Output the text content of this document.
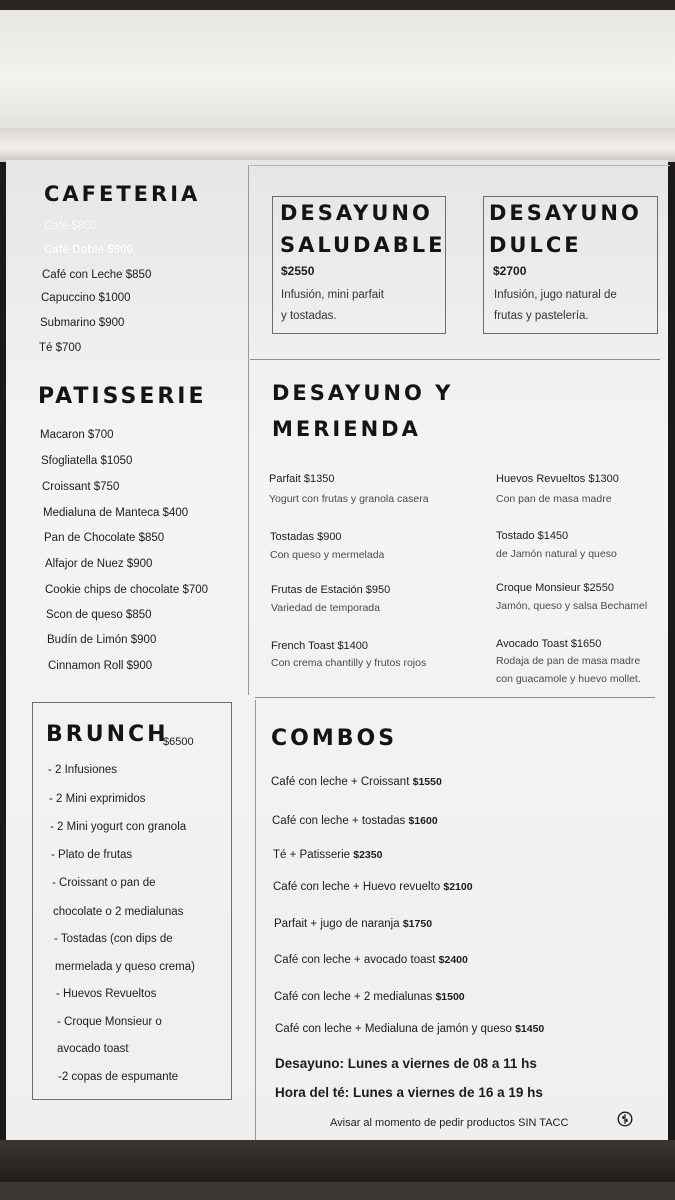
CAFETERIA
Café $800
Café Doble $900
Café con Leche $850
Capuccino $1000
Submarino $900
Té $700
PATISSERIE
Macaron $700
Sfogliatella $1050
Croissant $750
Medialuna de Manteca $400
Pan de Chocolate $850
Alfajor de Nuez $900
Cookie chips de chocolate $700
Scon de queso $850
Budín de Limón $900
Cinnamon Roll $900
BRUNCH
$6500
- 2 Infusiones
- 2 Mini exprimidos
- 2 Mini yogurt con granola
- Plato de frutas
- Croissant o pan de
chocolate o 2 medialunas
- Tostadas (con dips de
mermelada y queso crema)
- Huevos Revueltos
- Croque Monsieur o
avocado toast
-2 copas de espumante
DESAYUNO
SALUDABLE
$2550
Infusión, mini parfait
y tostadas.
DESAYUNO
DULCE
$2700
Infusión, jugo natural de
frutas y pastelería.
DESAYUNO Y
MERIENDA
Parfait $1350
Yogurt con frutas y granola casera
Tostadas $900
Con queso y mermelada
Frutas de Estación $950
Variedad de temporada
French Toast $1400
Con crema chantilly y frutos rojos
Huevos Revueltos $1300
Con pan de masa madre
Tostado $1450
de Jamón natural y queso
Croque Monsieur $2550
Jamón, queso y salsa Bechamel
Avocado Toast $1650
Rodaja de pan de masa madre
con guacamole y huevo mollet.
COMBOS
Café con leche + Croissant $1550
Café con leche + tostadas $1600
Té + Patisserie $2350
Café con leche + Huevo revuelto $2100
Parfait + jugo de naranja $1750
Café con leche + avocado toast $2400
Café con leche + 2 medialunas $1500
Café con leche + Medialuna de jamón y queso $1450
Desayuno: Lunes a viernes de 08 a 11 hs
Hora del té: Lunes a viernes de 16 a 19 hs
Avisar al momento de pedir productos SIN TACC
